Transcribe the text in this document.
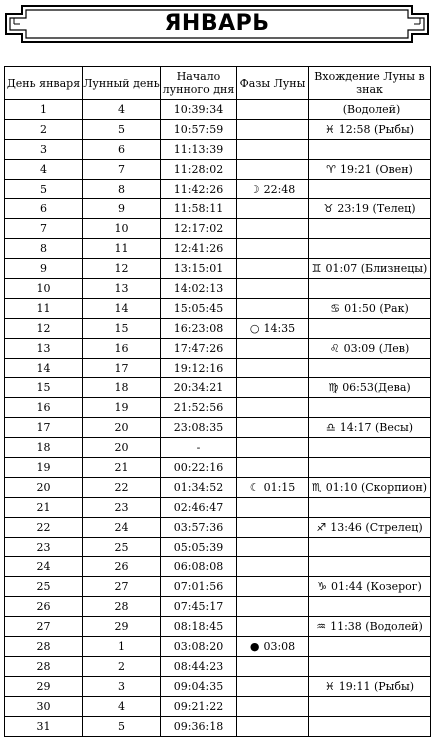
ЯНВАРЬ
День января	Лунный день	Начало лунного дня	Фазы Луны	Вхождение Луны в знак
1	4	10:39:34		(Водолей)
2	5	10:57:59		♓ 12:58 (Рыбы)
3	6	11:13:39		
4	7	11:28:02		♈ 19:21 (Овен)
5	8	11:42:26	☽ 22:48	
6	9	11:58:11		♉ 23:19 (Телец)
7	10	12:17:02		
8	11	12:41:26		
9	12	13:15:01		♊ 01:07 (Близнецы)
10	13	14:02:13		
11	14	15:05:45		♋ 01:50 (Рак)
12	15	16:23:08	○ 14:35	
13	16	17:47:26		♌ 03:09 (Лев)
14	17	19:12:16		
15	18	20:34:21		♍ 06:53(Дева)
16	19	21:52:56		
17	20	23:08:35		♎ 14:17 (Весы)
18	20	-		
19	21	00:22:16		
20	22	01:34:52	☾ 01:15	♏ 01:10 (Скорпион)
21	23	02:46:47		
22	24	03:57:36		♐ 13:46 (Стрелец)
23	25	05:05:39		
24	26	06:08:08		
25	27	07:01:56		♑ 01:44 (Козерог)
26	28	07:45:17		
27	29	08:18:45		♒ 11:38 (Водолей)
28	1	03:08:20	● 03:08	
28	2	08:44:23		
29	3	09:04:35		♓ 19:11 (Рыбы)
30	4	09:21:22		
31	5	09:36:18		
